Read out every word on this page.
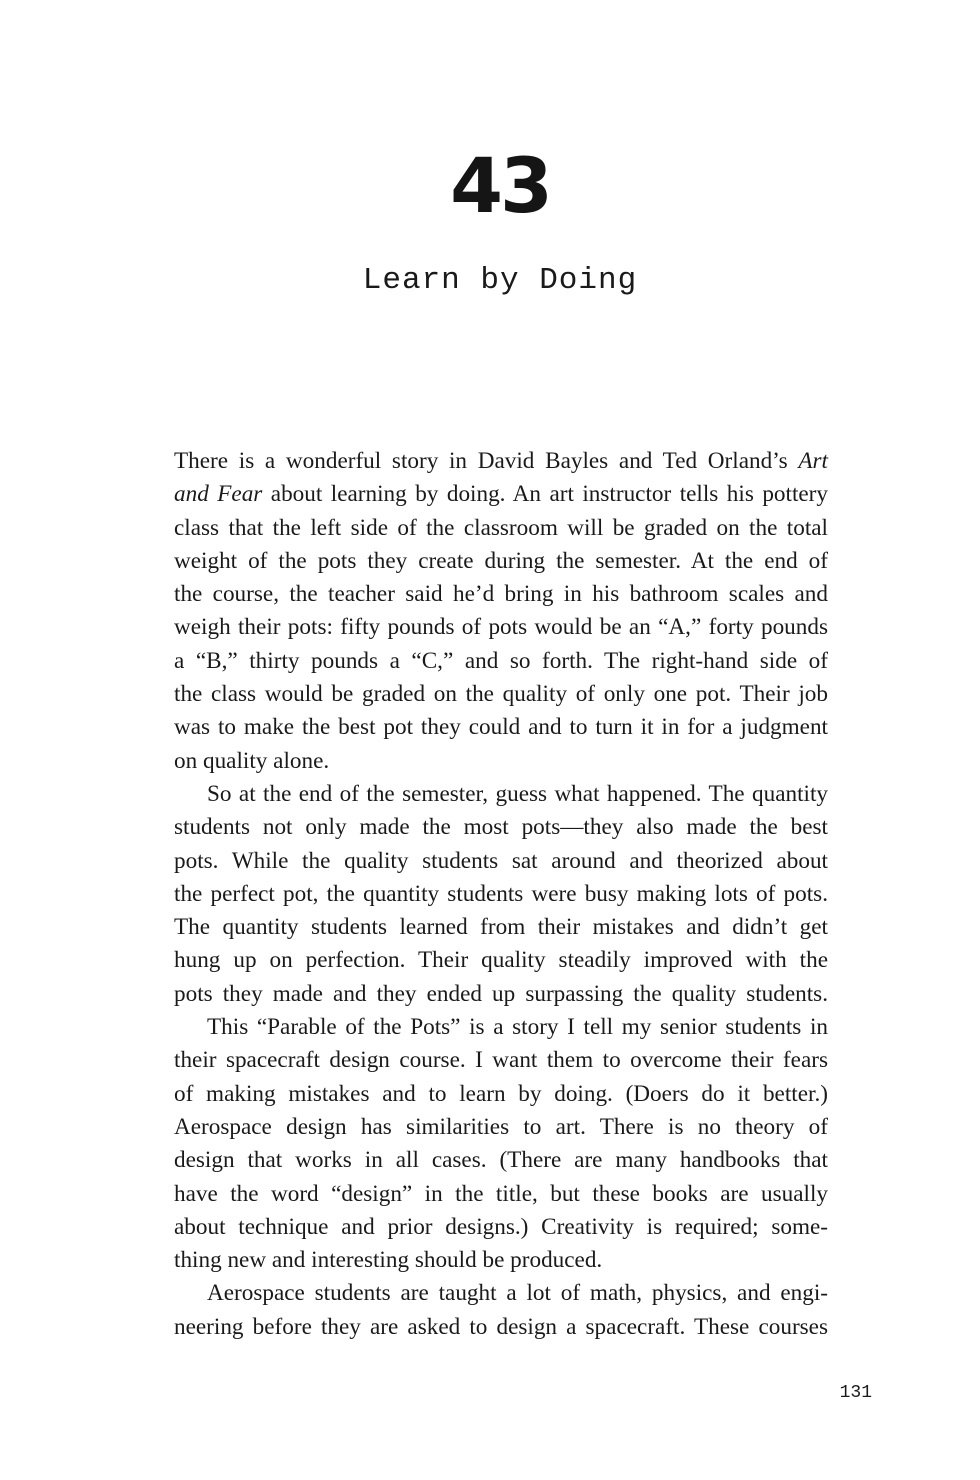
43
Learn by Doing
There is a wonderful story in David Bayles and Ted Orland’s Art
and Fear about learning by doing. An art instructor tells his pottery
class that the left side of the classroom will be graded on the total
weight of the pots they create during the semester. At the end of
the course, the teacher said he’d bring in his bathroom scales and
weigh their pots: fifty pounds of pots would be an “A,” forty pounds
a “B,” thirty pounds a “C,” and so forth. The right-hand side of
the class would be graded on the quality of only one pot. Their job
was to make the best pot they could and to turn it in for a judgment
on quality alone.
So at the end of the semester, guess what happened. The quantity
students not only made the most pots—they also made the best
pots. While the quality students sat around and theorized about
the perfect pot, the quantity students were busy making lots of pots.
The quantity students learned from their mistakes and didn’t get
hung up on perfection. Their quality steadily improved with the
pots they made and they ended up surpassing the quality students.
This “Parable of the Pots” is a story I tell my senior students in
their spacecraft design course. I want them to overcome their fears
of making mistakes and to learn by doing. (Doers do it better.)
Aerospace design has similarities to art. There is no theory of
design that works in all cases. (There are many handbooks that
have the word “design” in the title, but these books are usually
about technique and prior designs.) Creativity is required; some-
thing new and interesting should be produced.
Aerospace students are taught a lot of math, physics, and engi-
neering before they are asked to design a spacecraft. These courses
131
